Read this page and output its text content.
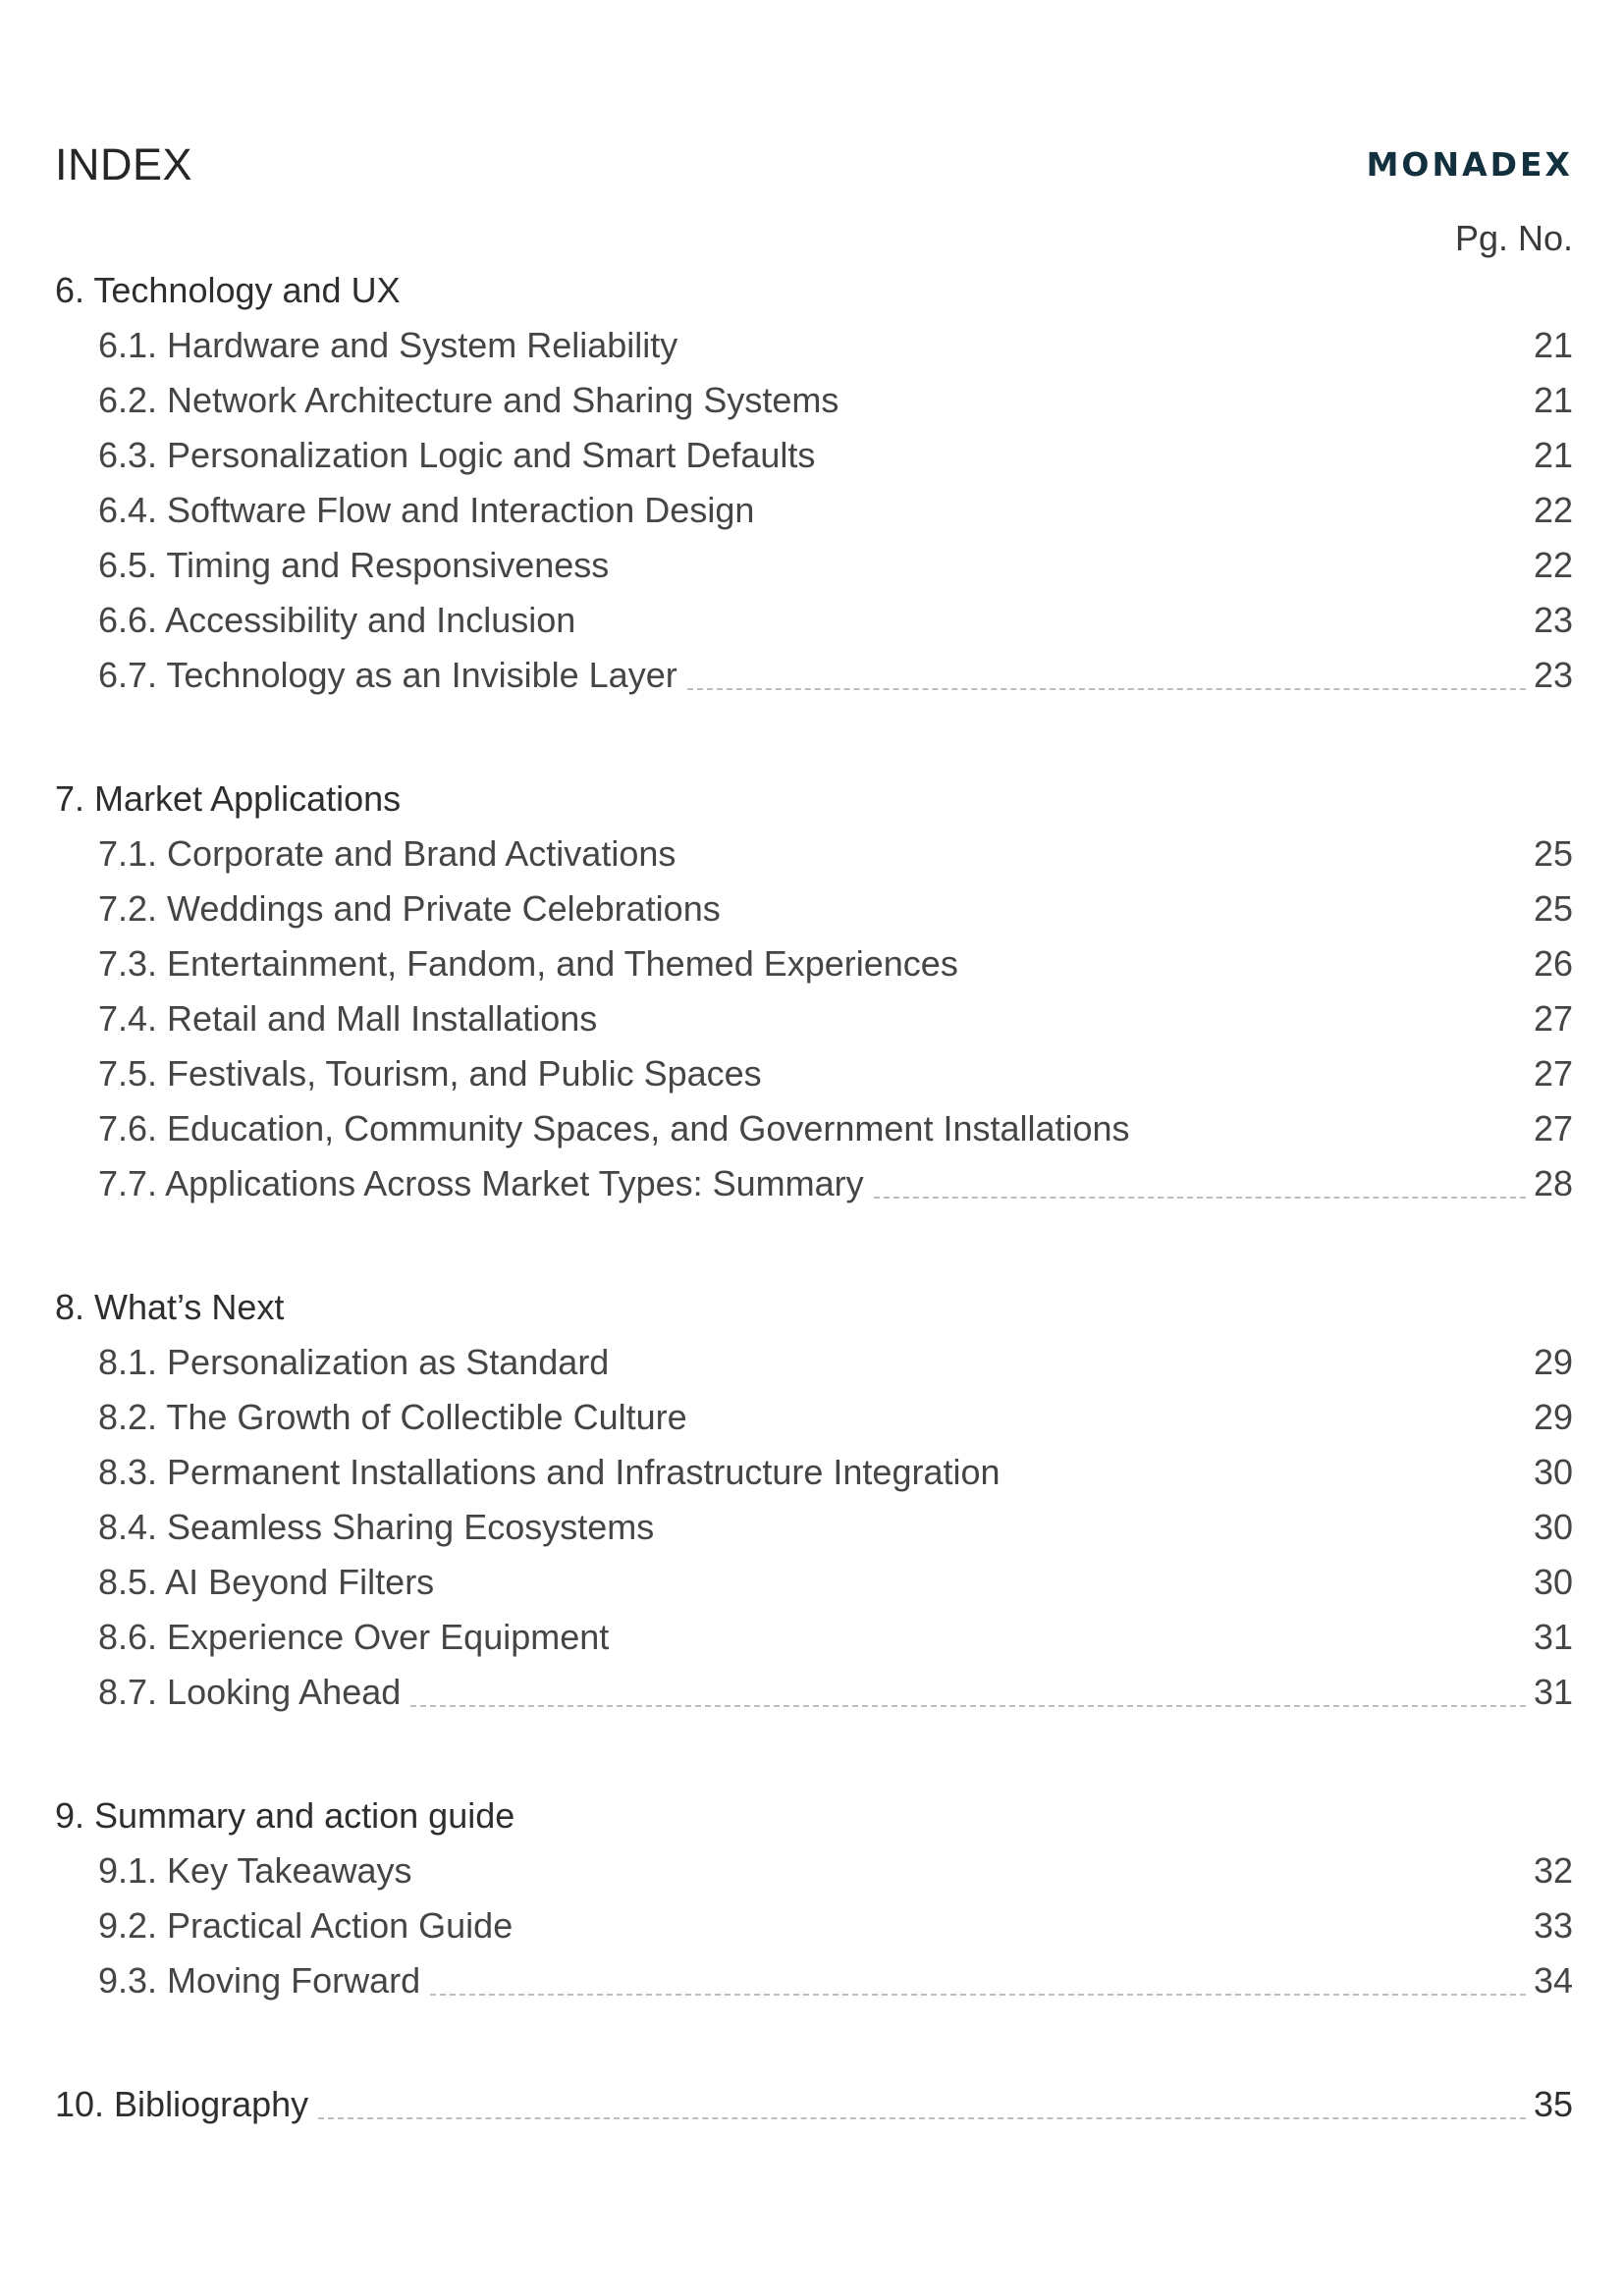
INDEX	MONADEX
Pg. No.
6. Technology and UX
6.1. Hardware and System Reliability	21
6.2. Network Architecture and Sharing Systems	21
6.3. Personalization Logic and Smart Defaults	21
6.4. Software Flow and Interaction Design	22
6.5. Timing and Responsiveness	22
6.6. Accessibility and Inclusion	23
6.7. Technology as an Invisible Layer	23
7. Market Applications
7.1. Corporate and Brand Activations	25
7.2. Weddings and Private Celebrations	25
7.3. Entertainment, Fandom, and Themed Experiences	26
7.4. Retail and Mall Installations	27
7.5. Festivals, Tourism, and Public Spaces	27
7.6. Education, Community Spaces, and Government Installations	27
7.7. Applications Across Market Types: Summary	28
8. What’s Next
8.1. Personalization as Standard	29
8.2. The Growth of Collectible Culture	29
8.3. Permanent Installations and Infrastructure Integration	30
8.4. Seamless Sharing Ecosystems	30
8.5. AI Beyond Filters	30
8.6. Experience Over Equipment	31
8.7. Looking Ahead	31
9. Summary and action guide
9.1. Key Takeaways	32
9.2. Practical Action Guide	33
9.3. Moving Forward	34
10. Bibliography	35
